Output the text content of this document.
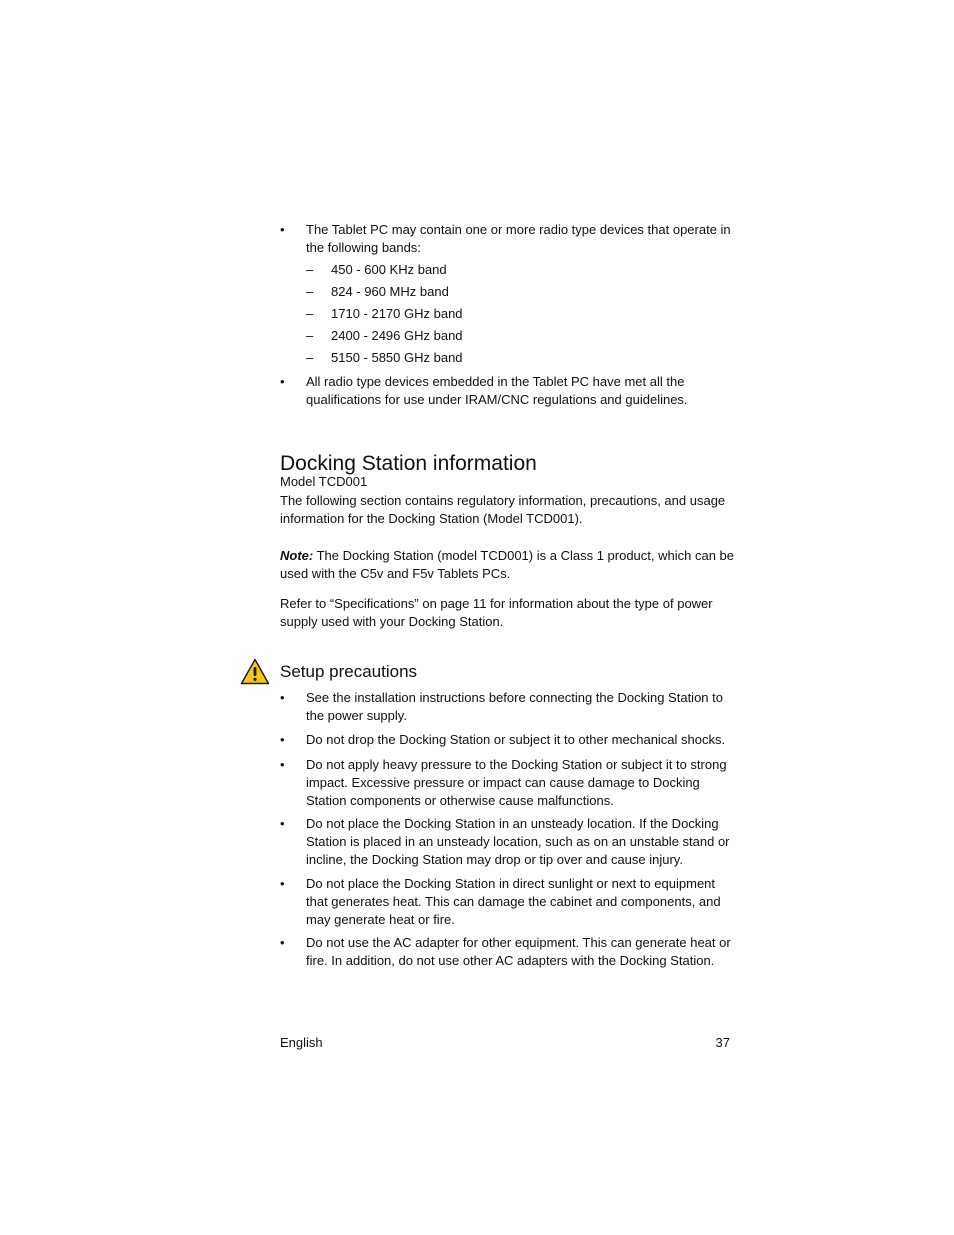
• The Tablet PC may contain one or more radio type devices that operate in the following bands:
– 450 - 600 KHz band
– 824 - 960 MHz band
– 1710 - 2170 GHz band
– 2400 - 2496 GHz band
– 5150 - 5850 GHz band
• All radio type devices embedded in the Tablet PC have met all the qualifications for use under IRAM/CNC regulations and guidelines.
Docking Station information
Model TCD001
The following section contains regulatory information, precautions, and usage information for the Docking Station (Model TCD001).
Note: The Docking Station (model TCD001) is a Class 1 product, which can be used with the C5v and F5v Tablets PCs.
Refer to “Specifications” on page 11 for information about the type of power supply used with your Docking Station.
Setup precautions
• See the installation instructions before connecting the Docking Station to the power supply.
• Do not drop the Docking Station or subject it to other mechanical shocks.
• Do not apply heavy pressure to the Docking Station or subject it to strong impact. Excessive pressure or impact can cause damage to Docking Station components or otherwise cause malfunctions.
• Do not place the Docking Station in an unsteady location. If the Docking Station is placed in an unsteady location, such as on an unstable stand or incline, the Docking Station may drop or tip over and cause injury.
• Do not place the Docking Station in direct sunlight or next to equipment that generates heat. This can damage the cabinet and components, and may generate heat or fire.
• Do not use the AC adapter for other equipment. This can generate heat or fire. In addition, do not use other AC adapters with the Docking Station.
English	37
